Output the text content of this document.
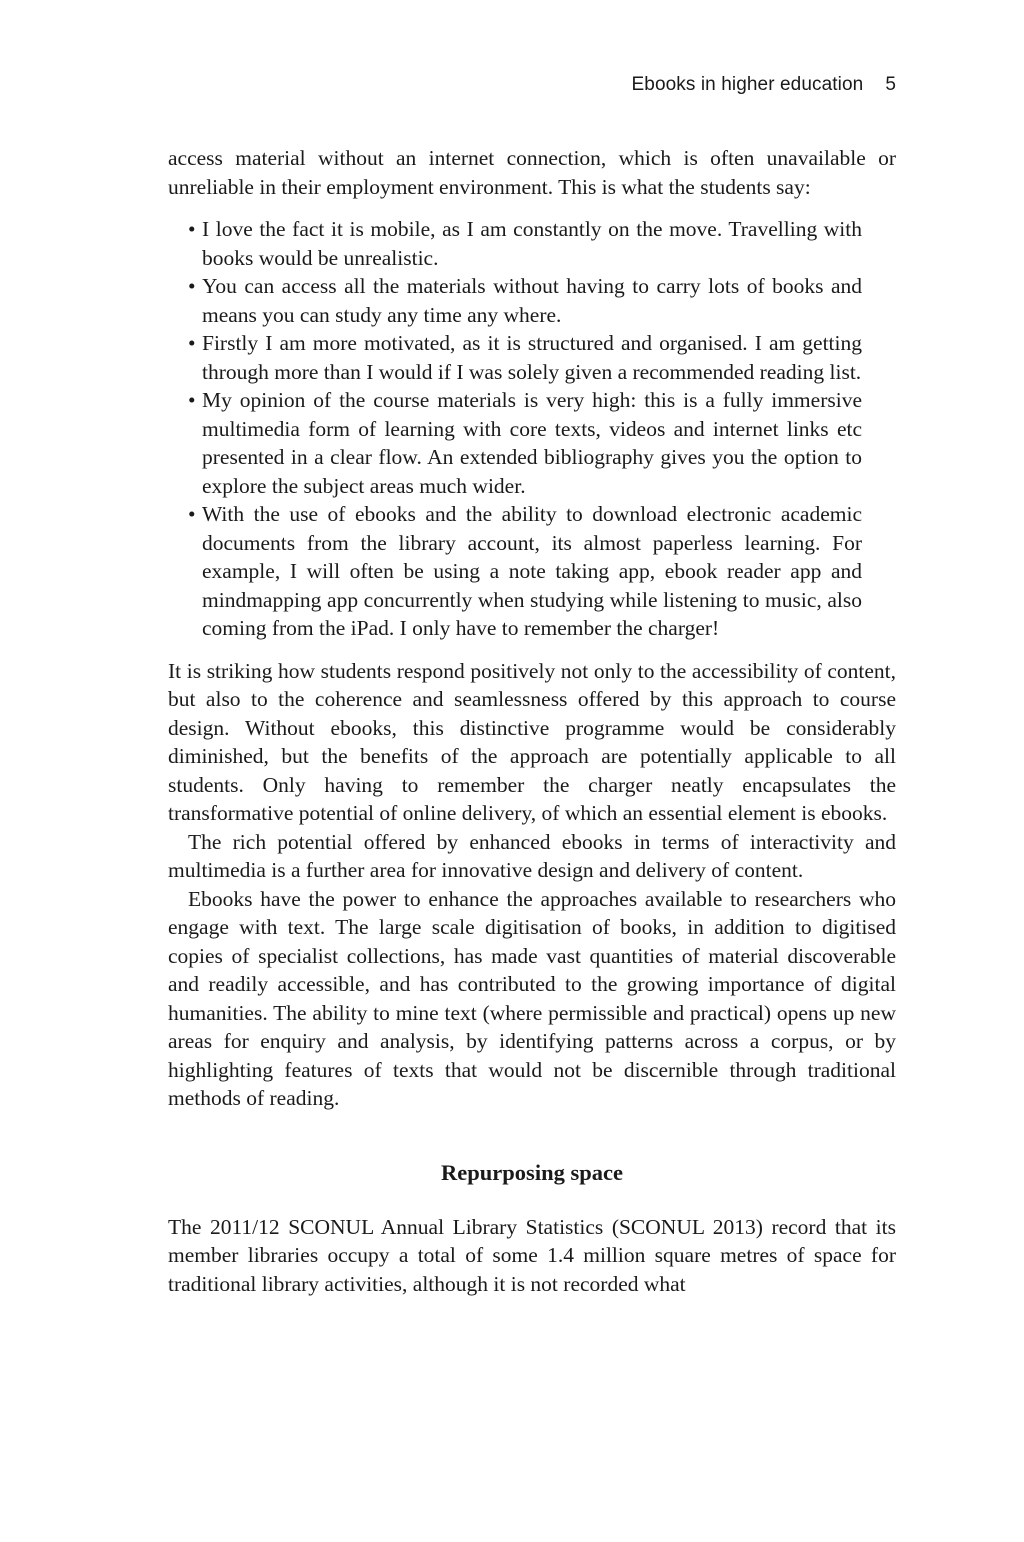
Ebooks in higher education 5

access material without an internet connection, which is often unavailable or unreliable in their employment environment. This is what the students say:

• I love the fact it is mobile, as I am constantly on the move. Travelling with books would be unrealistic.
• You can access all the materials without having to carry lots of books and means you can study any time any where.
• Firstly I am more motivated, as it is structured and organised. I am getting through more than I would if I was solely given a recommended reading list.
• My opinion of the course materials is very high: this is a fully immersive multimedia form of learning with core texts, videos and internet links etc presented in a clear flow. An extended bibliography gives you the option to explore the subject areas much wider.
• With the use of ebooks and the ability to download electronic academic documents from the library account, its almost paperless learning. For example, I will often be using a note taking app, ebook reader app and mindmapping app concurrently when studying while listening to music, also coming from the iPad. I only have to remember the charger!

It is striking how students respond positively not only to the accessibility of content, but also to the coherence and seamlessness offered by this approach to course design. Without ebooks, this distinctive programme would be considerably diminished, but the benefits of the approach are potentially applicable to all students. Only having to remember the charger neatly encapsulates the transformative potential of online delivery, of which an essential element is ebooks.

The rich potential offered by enhanced ebooks in terms of interactivity and multimedia is a further area for innovative design and delivery of content.

Ebooks have the power to enhance the approaches available to researchers who engage with text. The large scale digitisation of books, in addition to digitised copies of specialist collections, has made vast quantities of material discoverable and readily accessible, and has contributed to the growing importance of digital humanities. The ability to mine text (where permissible and practical) opens up new areas for enquiry and analysis, by identifying patterns across a corpus, or by highlighting features of texts that would not be discernible through traditional methods of reading.

Repurposing space

The 2011/12 SCONUL Annual Library Statistics (SCONUL 2013) record that its member libraries occupy a total of some 1.4 million square metres of space for traditional library activities, although it is not recorded what
